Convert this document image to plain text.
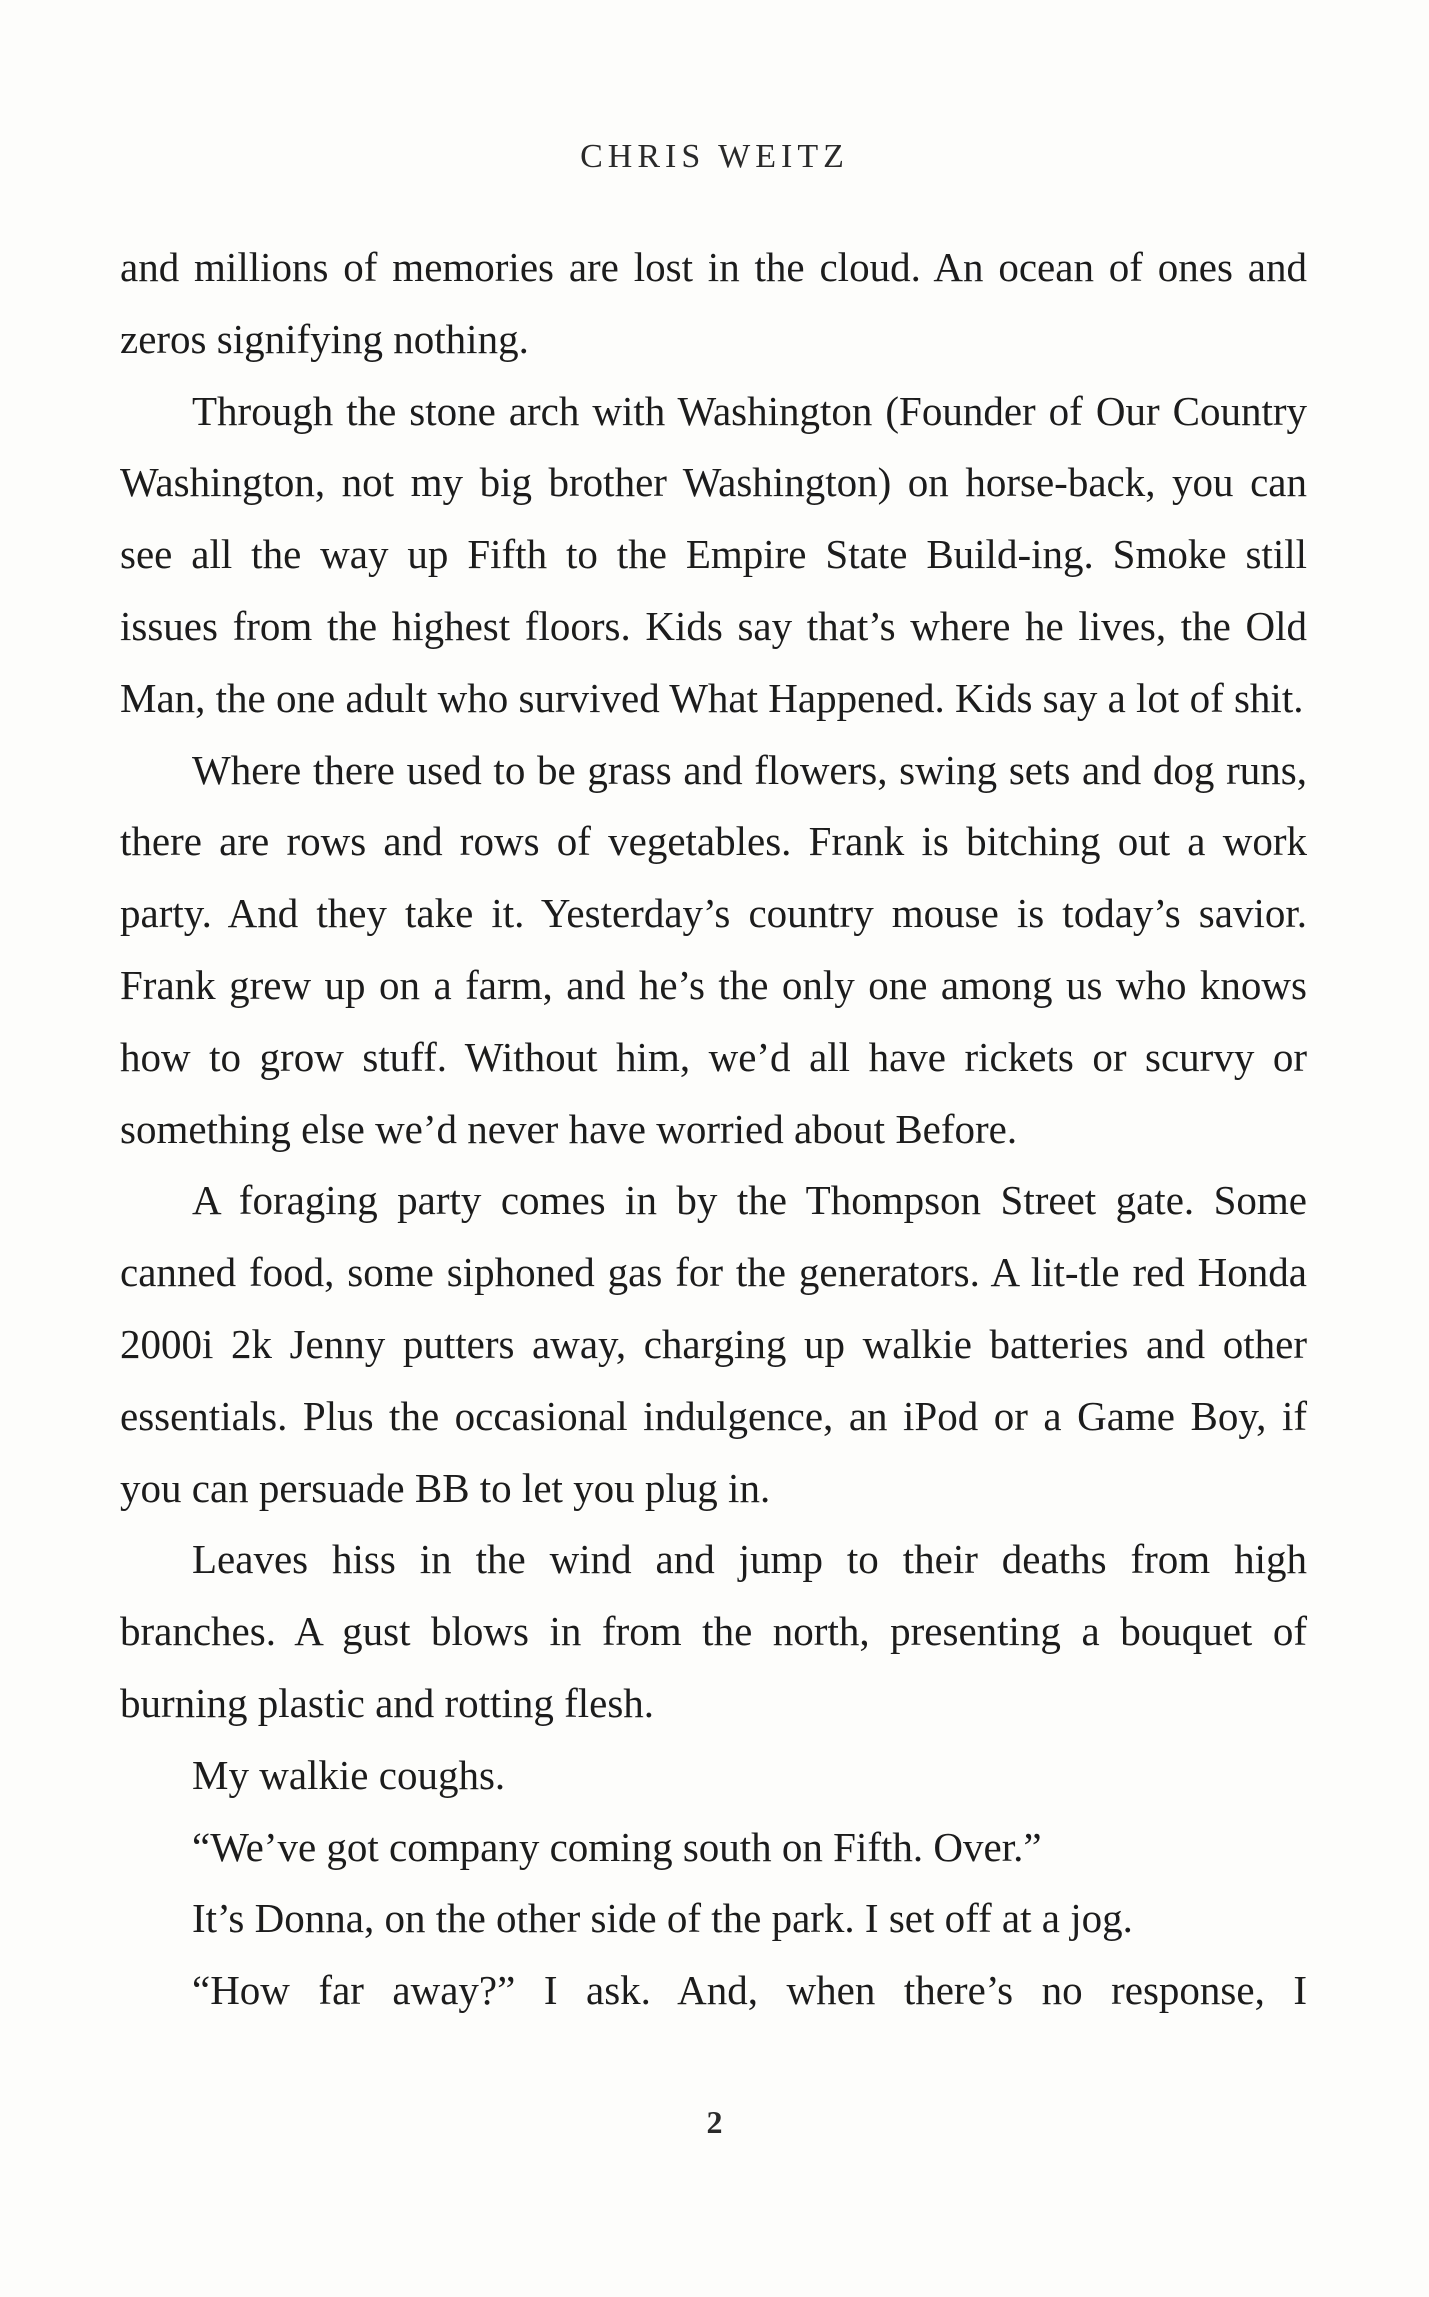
CHRIS WEITZ

and millions of memories are lost in the cloud. An ocean of ones and zeros signifying nothing.

Through the stone arch with Washington (Founder of Our Country Washington, not my big brother Washington) on horse-back, you can see all the way up Fifth to the Empire State Build-ing. Smoke still issues from the highest floors. Kids say that’s where he lives, the Old Man, the one adult who survived What Happened. Kids say a lot of shit.

Where there used to be grass and flowers, swing sets and dog runs, there are rows and rows of vegetables. Frank is bitching out a work party. And they take it. Yesterday’s country mouse is today’s savior. Frank grew up on a farm, and he’s the only one among us who knows how to grow stuff. Without him, we’d all have rickets or scurvy or something else we’d never have worried about Before.

A foraging party comes in by the Thompson Street gate. Some canned food, some siphoned gas for the generators. A lit-tle red Honda 2000i 2k Jenny putters away, charging up walkie batteries and other essentials. Plus the occasional indulgence, an iPod or a Game Boy, if you can persuade BB to let you plug in.

Leaves hiss in the wind and jump to their deaths from high branches. A gust blows in from the north, presenting a bouquet of burning plastic and rotting flesh.

My walkie coughs.

“We’ve got company coming south on Fifth. Over.”

It’s Donna, on the other side of the park. I set off at a jog.

“How far away?” I ask. And, when there’s no response, I

2
